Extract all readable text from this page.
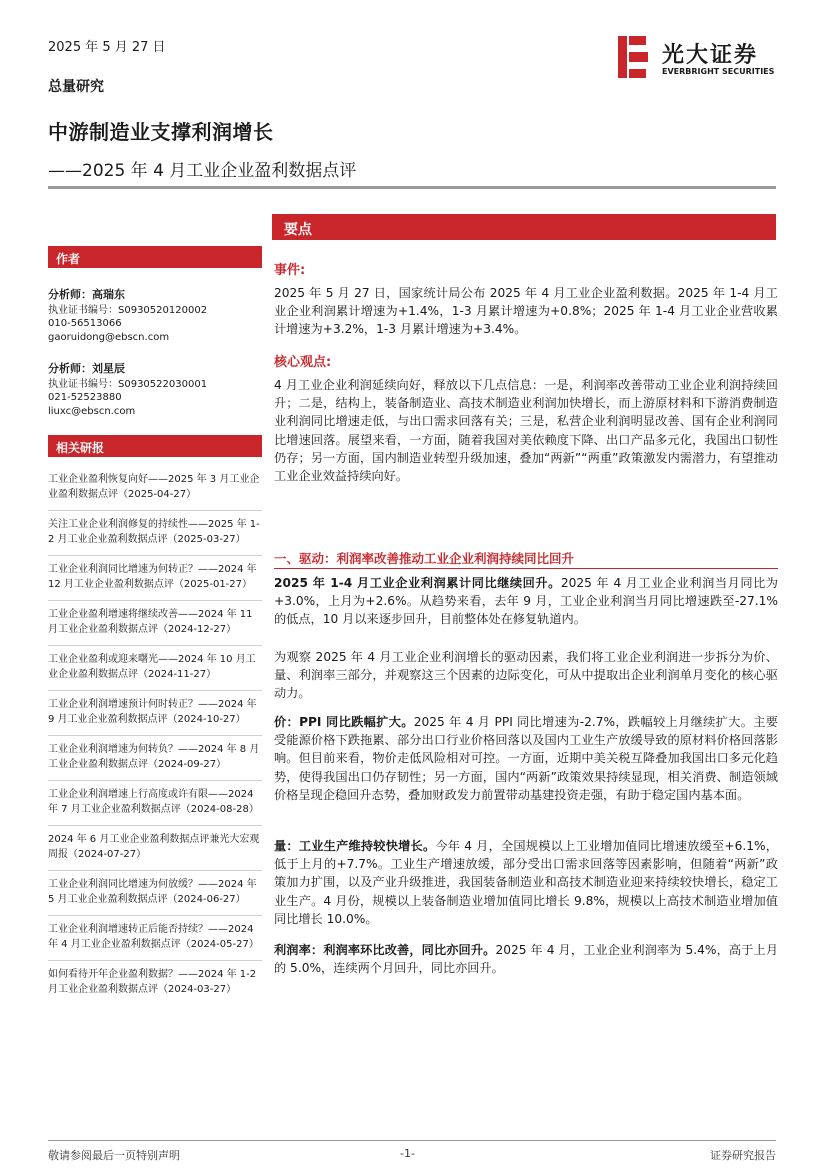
2025 年 5 月 27 日
总量研究
中游制造业支撑利润增长
——2025 年 4 月工业企业盈利数据点评
光大证券
EVERBRIGHT SECURITIES
作者
分析师：高瑞东
执业证书编号：S0930520120002
010-56513066
gaoruidong@ebscn.com
分析师：刘星辰
执业证书编号：S0930522030001
021-52523880
liuxc@ebscn.com
相关研报
工业企业盈利恢复向好——2025 年 3 月工业企业盈利数据点评（2025-04-27）
关注工业企业利润修复的持续性——2025 年 1-2 月工业企业盈利数据点评（2025-03-27）
工业企业利润同比增速为何转正？——2024 年 12 月工业企业盈利数据点评（2025-01-27）
工业企业盈利增速将继续改善——2024 年 11 月工业企业盈利数据点评（2024-12-27）
工业企业盈利或迎来曙光——2024 年 10 月工业企业盈利数据点评（2024-11-27）
工业企业利润增速预计何时转正？——2024 年 9 月工业企业盈利数据点评（2024-10-27）
工业企业利润增速为何转负？——2024 年 8 月工业企业盈利数据点评（2024-09-27）
工业企业利润增速上行高度或许有限——2024 年 7 月工业企业盈利数据点评（2024-08-28）
2024 年 6 月工业企业盈利数据点评兼光大宏观周报（2024-07-27）
工业企业利润同比增速为何放缓？——2024 年 5 月工业企业盈利数据点评（2024-06-27）
工业企业利润增速转正后能否持续？——2024 年 4 月工业企业盈利数据点评（2024-05-27）
如何看待开年企业盈利数据？——2024 年 1-2 月工业企业盈利数据点评（2024-03-27）
要点
事件:
2025 年 5 月 27 日，国家统计局公布 2025 年 4 月工业企业盈利数据。2025 年 1-4 月工业企业利润累计增速为+1.4%，1-3 月累计增速为+0.8%；2025 年 1-4 月工业企业营收累计增速为+3.2%，1-3 月累计增速为+3.4%。
核心观点:
4 月工业企业利润延续向好，释放以下几点信息：一是，利润率改善带动工业企业利润持续回升；二是，结构上，装备制造业、高技术制造业利润加快增长，而上游原材料和下游消费制造业利润同比增速走低，与出口需求回落有关；三是，私营企业利润明显改善、国有企业利润同比增速回落。展望来看，一方面，随着我国对美依赖度下降、出口产品多元化，我国出口韧性仍存；另一方面，国内制造业转型升级加速，叠加“两新”“两重”政策激发内需潜力，有望推动工业企业效益持续向好。
一、驱动：利润率改善推动工业企业利润持续同比回升
2025 年 1-4 月工业企业利润累计同比继续回升。2025 年 4 月工业企业利润当月同比为+3.0%，上月为+2.6%。从趋势来看，去年 9 月，工业企业利润当月同比增速跌至-27.1%的低点，10 月以来逐步回升，目前整体处在修复轨道内。
为观察 2025 年 4 月工业企业利润增长的驱动因素，我们将工业企业利润进一步拆分为价、量、利润率三部分，并观察这三个因素的边际变化，可从中提取出企业利润单月变化的核心驱动力。
价：PPI 同比跌幅扩大。2025 年 4 月 PPI 同比增速为-2.7%，跌幅较上月继续扩大。主要受能源价格下跌拖累、部分出口行业价格回落以及国内工业生产放缓导致的原材料价格回落影响。但目前来看，物价走低风险相对可控。一方面，近期中美关税互降叠加我国出口多元化趋势，使得我国出口仍存韧性；另一方面，国内“两新”政策效果持续显现，相关消费、制造领域价格呈现企稳回升态势，叠加财政发力前置带动基建投资走强，有助于稳定国内基本面。
量：工业生产维持较快增长。今年 4 月，全国规模以上工业增加值同比增速放缓至+6.1%，低于上月的+7.7%。工业生产增速放缓，部分受出口需求回落等因素影响，但随着“两新”政策加力扩围，以及产业升级推进，我国装备制造业和高技术制造业迎来持续较快增长，稳定工业生产。4 月份，规模以上装备制造业增加值同比增长 9.8%，规模以上高技术制造业增加值同比增长 10.0%。
利润率：利润率环比改善，同比亦回升。2025 年 4 月，工业企业利润率为 5.4%，高于上月的 5.0%，连续两个月回升，同比亦回升。
敬请参阅最后一页特别声明	-1-	证券研究报告
